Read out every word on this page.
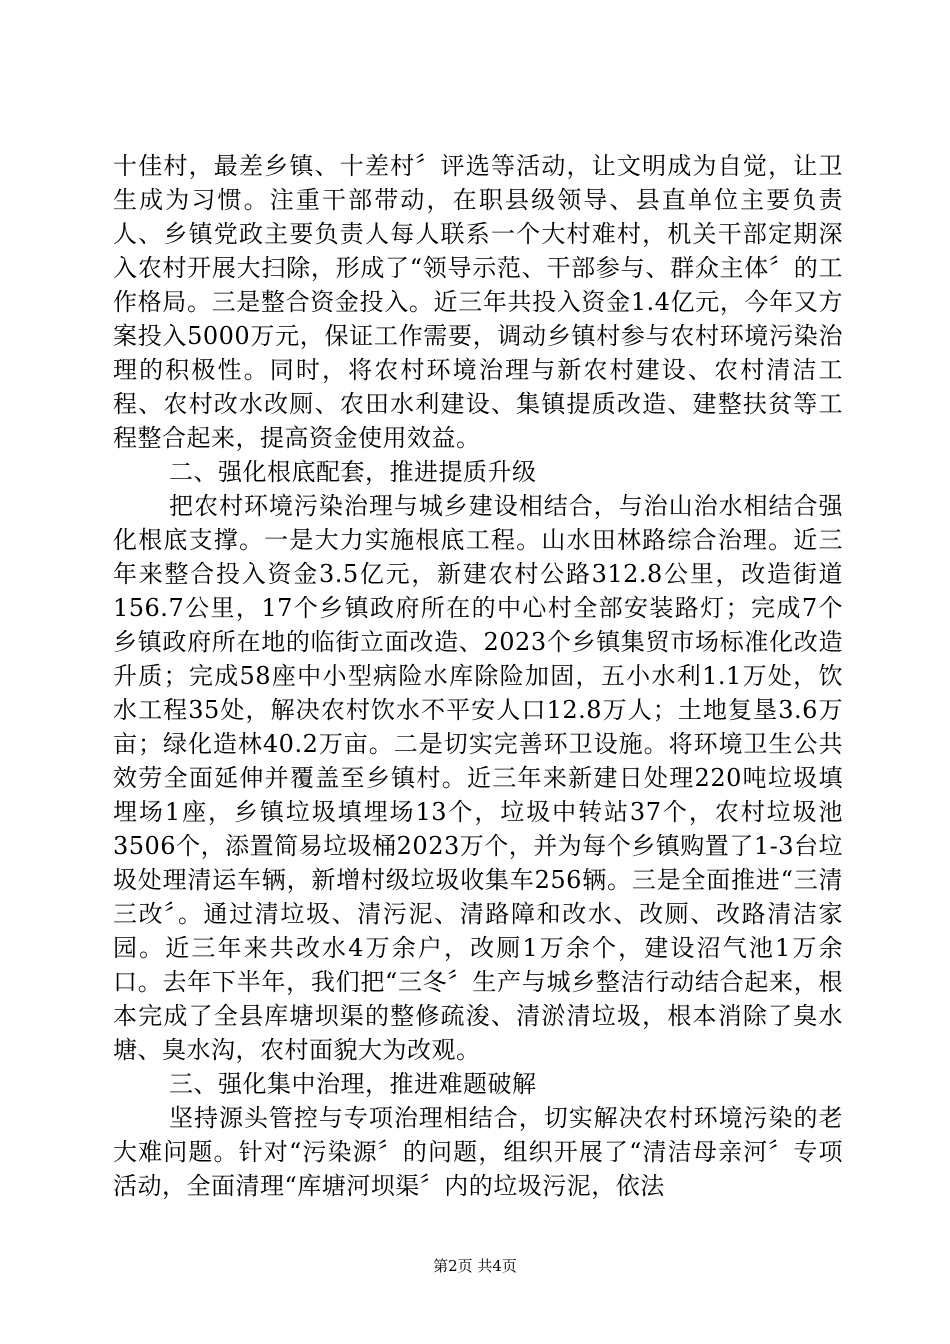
十佳村，最差乡镇、十差村〞评选等活动，让文明成为自觉，让卫生成为习惯。注重干部带动，在职县级领导、县直单位主要负责人、乡镇党政主要负责人每人联系一个大村难村，机关干部定期深入农村开展大扫除，形成了“领导示范、干部参与、群众主体〞的工作格局。三是整合资金投入。近三年共投入资金1.4亿元，今年又方案投入5000万元，保证工作需要，调动乡镇村参与农村环境污染治理的积极性。同时，将农村环境治理与新农村建设、农村清洁工程、农村改水改厕、农田水利建设、集镇提质改造、建整扶贫等工程整合起来，提高资金使用效益。

二、强化根底配套，推进提质升级

把农村环境污染治理与城乡建设相结合，与治山治水相结合强化根底支撑。一是大力实施根底工程。山水田林路综合治理。近三年来整合投入资金3.5亿元，新建农村公路312.8公里，改造街道156.7公里，17个乡镇政府所在的中心村全部安装路灯；完成7个乡镇政府所在地的临街立面改造、2023个乡镇集贸市场标准化改造升质；完成58座中小型病险水库除险加固，五小水利1.1万处，饮水工程35处，解决农村饮水不平安人口12.8万人；土地复垦3.6万亩；绿化造林40.2万亩。二是切实完善环卫设施。将环境卫生公共效劳全面延伸并覆盖至乡镇村。近三年来新建日处理220吨垃圾填埋场1座，乡镇垃圾填埋场13个，垃圾中转站37个，农村垃圾池3506个，添置简易垃圾桶2023万个，并为每个乡镇购置了1-3台垃圾处理清运车辆，新增村级垃圾收集车256辆。三是全面推进“三清三改〞。通过清垃圾、清污泥、清路障和改水、改厕、改路清洁家园。近三年来共改水4万余户，改厕1万余个，建设沼气池1万余口。去年下半年，我们把“三冬〞生产与城乡整洁行动结合起来，根本完成了全县库塘坝渠的整修疏浚、清淤清垃圾，根本消除了臭水塘、臭水沟，农村面貌大为改观。

三、强化集中治理，推进难题破解

坚持源头管控与专项治理相结合，切实解决农村环境污染的老大难问题。针对“污染源〞的问题，组织开展了“清洁母亲河〞专项活动，全面清理“库塘河坝渠〞内的垃圾污泥，依法

第2页 共4页
